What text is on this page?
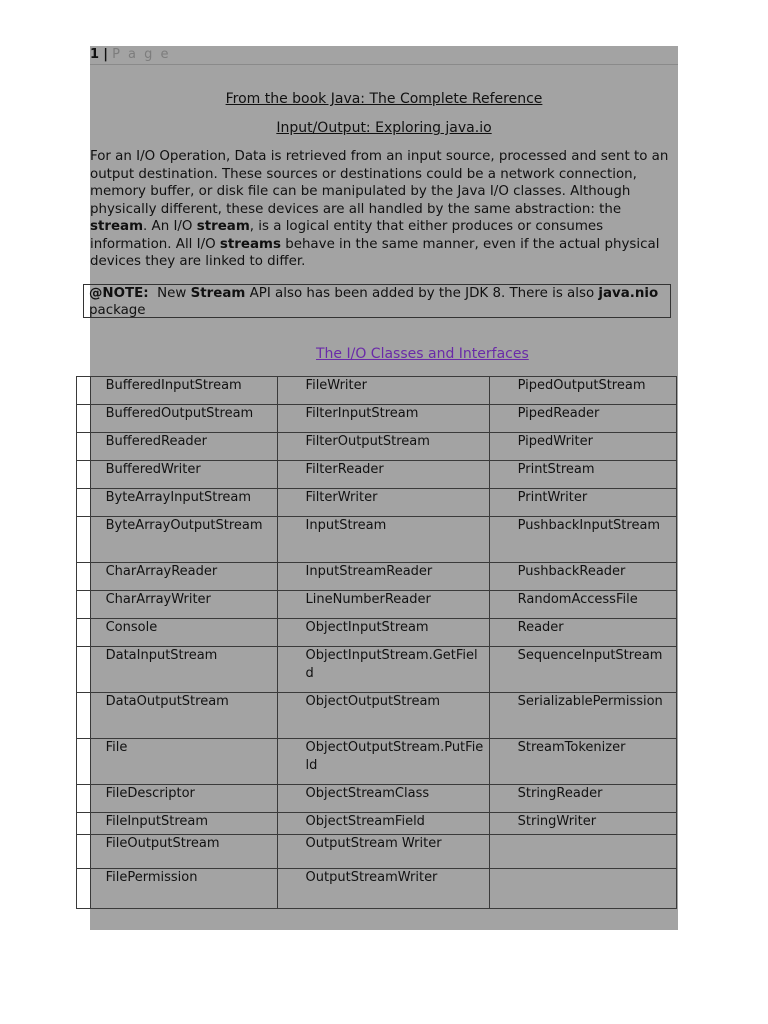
1 | P a g e
From the book Java: The Complete Reference
Input/Output: Exploring java.io
For an I/O Operation, Data is retrieved from an input source, processed and sent to an output destination. These sources or destinations could be a network connection, memory buffer, or disk file can be manipulated by the Java I/O classes. Although physically different, these devices are all handled by the same abstraction: the stream. An I/O stream, is a logical entity that either produces or consumes information. All I/O streams behave in the same manner, even if the actual physical devices they are linked to differ.
@NOTE:  New Stream API also has been added by the JDK 8. There is also java.nio package
The I/O Classes and Interfaces
	BufferedInputStream	FileWriter	PipedOutputStream
	BufferedOutputStream	FilterInputStream	PipedReader
	BufferedReader	FilterOutputStream	PipedWriter
	BufferedWriter	FilterReader	PrintStream
	ByteArrayInputStream	FilterWriter	PrintWriter
	ByteArrayOutputStream	InputStream	PushbackInputStream
	CharArrayReader	InputStreamReader	PushbackReader
	CharArrayWriter	LineNumberReader	RandomAccessFile
	Console	ObjectInputStream	Reader
	DataInputStream	ObjectInputStream.GetField	SequenceInputStream
	DataOutputStream	ObjectOutputStream	SerializablePermission
	File	ObjectOutputStream.PutField	StreamTokenizer
	FileDescriptor	ObjectStreamClass	StringReader
	FileInputStream	ObjectStreamField	StringWriter
	FileOutputStream	OutputStream Writer	
	FilePermission	OutputStreamWriter	
